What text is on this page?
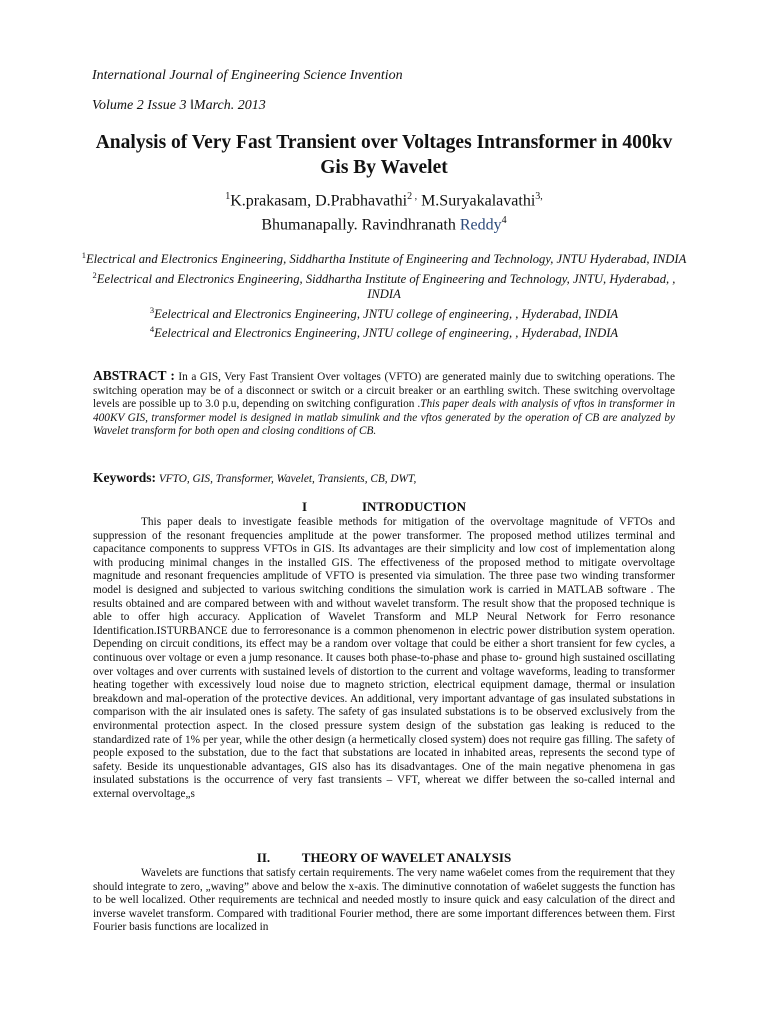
International Journal of Engineering Science Invention
Volume 2 Issue 3 ‖March. 2013
Analysis of Very Fast Transient over Voltages Intransformer in 400kv Gis By Wavelet
$^1$K.prakasam, D.Prabhavathi$^{2 ,}$ M.Suryakalavathi$^{3,}$
Bhumanapally. Ravindhranath Reddy$^4$
$^1$Electrical and Electronics Engineering, Siddhartha Institute of Engineering and Technology, JNTU Hyderabad, INDIA
$^2$Eelectrical and Electronics Engineering, Siddhartha Institute of Engineering and Technology, JNTU, Hyderabad, , INDIA
$^3$Eelectrical and Electronics Engineering, JNTU college of engineering, , Hyderabad, INDIA
$^4$Eelectrical and Electronics Engineering, JNTU college of engineering, , Hyderabad, INDIA
ABSTRACT : In a GIS, Very Fast Transient Over voltages (VFTO) are generated mainly due to switching operations. The switching operation may be of a disconnect or switch or a circuit breaker or an earthling switch. These switching overvoltage levels are possible up to 3.0 p.u, depending on switching configuration .This paper deals with analysis of vftos in transformer in 400KV GIS, transformer model is designed in matlab simulink and the vftos generated by the operation of CB are analyzed by Wavelet transform for both open and closing conditions of CB.
Keywords: VFTO, GIS, Transformer, Wavelet, Transients, CB, DWT,
I	INTRODUCTION

This paper deals to investigate feasible methods for mitigation of the overvoltage magnitude of VFTOs and suppression of the resonant frequencies amplitude at the power transformer. The proposed method utilizes terminal and capacitance components to suppress VFTOs in GIS. Its advantages are their simplicity and low cost of implementation along with producing minimal changes in the installed GIS. The effectiveness of the proposed method to mitigate overvoltage magnitude and resonant frequencies amplitude of VFTO is presented via simulation. The three pase two winding transformer model is designed and subjected to various switching conditions the simulation work is carried in MATLAB software . The results obtained and are compared between with and without wavelet transform. The result show that the proposed technique is able to offer high accuracy. Application of Wavelet Transform and MLP Neural Network for Ferro resonance Identification.ISTURBANCE due to ferroresonance is a common phenomenon in electric power distribution system operation. Depending on circuit conditions, its effect may be a random over voltage that could be either a short transient for few cycles, a continuous over voltage or even a jump resonance. It causes both phase-to-phase and phase to- ground high sustained oscillating over voltages and over currents with sustained levels of distortion to the current and voltage waveforms, leading to transformer heating together with excessively loud noise due to magneto striction, electrical equipment damage, thermal or insulation breakdown and mal-operation of the protective devices. An additional, very important advantage of gas insulated substations in comparison with the air insulated ones is safety. The safety of gas insulated substations is to be observed exclusively from the environmental protection aspect. In the closed pressure system design of the substation gas leaking is reduced to the standardized rate of 1% per year, while the other design (a hermetically closed system) does not require gas filling. The safety of people exposed to the substation, due to the fact that substations are located in inhabited areas, represents the second type of safety. Beside its unquestionable advantages, GIS also has its disadvantages. One of the main negative phenomena in gas insulated substations is the occurrence of very fast transients – VFT, whereat we differ between the so-called internal and external overvoltage„s

II. THEORY OF WAVELET ANALYSIS

Wavelets are functions that satisfy certain requirements. The very name wa6elet comes from the requirement that they should integrate to zero, „waving” above and below the x-axis. The diminutive connotation of wa6elet suggests the function has to be well localized. Other requirements are technical and needed mostly to insure quick and easy calculation of the direct and inverse wavelet transform. Compared with traditional Fourier method, there are some important differences between them. First Fourier basis functions are localized in
